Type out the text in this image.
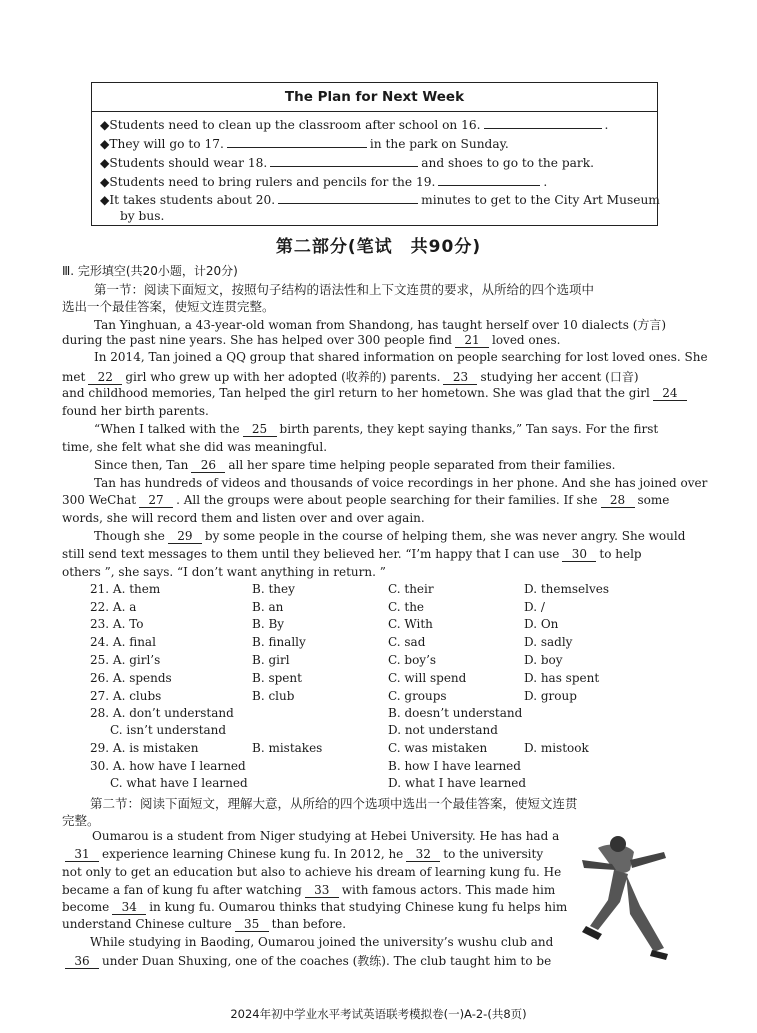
The Plan for Next Week
◆Students need to clean up the classroom after school on 16.	.
◆They will go to 17.	in the park on Sunday.
◆Students should wear 18.	and shoes to go to the park.
◆Students need to bring rulers and pencils for the 19.	.
◆It takes students about 20.	minutes to get to the City Art Museum
by bus.
第二部分(笔试　共90分)
Ⅲ. 完形填空(共20小题，计20分)
第一节：阅读下面短文，按照句子结构的语法性和上下文连贯的要求，从所给的四个选项中
选出一个最佳答案，使短文连贯完整。
Tan Yinghuan, a 43-year-old woman from Shandong, has taught herself over 10 dialects (方言)
during the past nine years. She has helped over 300 people find 21 loved ones.
In 2014, Tan joined a QQ group that shared information on people searching for lost loved ones. She
met 22 girl who grew up with her adopted (收养的) parents. 23 studying her accent (口音)
and childhood memories, Tan helped the girl return to her hometown. She was glad that the girl 24
found her birth parents.
“When I talked with the 25 birth parents, they kept saying thanks,” Tan says. For the first
time, she felt what she did was meaningful.
Since then, Tan 26 all her spare time helping people separated from their families.
Tan has hundreds of videos and thousands of voice recordings in her phone. And she has joined over
300 WeChat 27 . All the groups were about people searching for their families. If she 28 some
words, she will record them and listen over and over again.
Though she 29 by some people in the course of helping them, she was never angry. She would
still send text messages to them until they believed her. “I’m happy that I can use 30 to help
others ”, she says. “I don’t want anything in return. ”
21. A. them	B. they	C. their	D. themselves
22. A. a	B. an	C. the	D. /
23. A. To	B. By	C. With	D. On
24. A. final	B. finally	C. sad	D. sadly
25. A. girl’s	B. girl	C. boy’s	D. boy
26. A. spends	B. spent	C. will spend	D. has spent
27. A. clubs	B. club	C. groups	D. group
28. A. don’t understand	B. doesn’t understand
C. isn’t understand	D. not understand
29. A. is mistaken	B. mistakes	C. was mistaken	D. mistook
30. A. how have I learned	B. how I have learned
C. what have I learned	D. what I have learned
第二节：阅读下面短文，理解大意，从所给的四个选项中选出一个最佳答案，使短文连贯
完整。
Oumarou is a student from Niger studying at Hebei University. He has had a
31 experience learning Chinese kung fu. In 2012, he 32 to the university
not only to get an education but also to achieve his dream of learning kung fu. He
became a fan of kung fu after watching 33 with famous actors. This made him
become 34 in kung fu. Oumarou thinks that studying Chinese kung fu helps him
understand Chinese culture 35 than before.
While studying in Baoding, Oumarou joined the university’s wushu club and
36 under Duan Shuxing, one of the coaches (教练). The club taught him to be
2024年初中学业水平考试英语联考模拟卷(一)A-2-(共8页)
